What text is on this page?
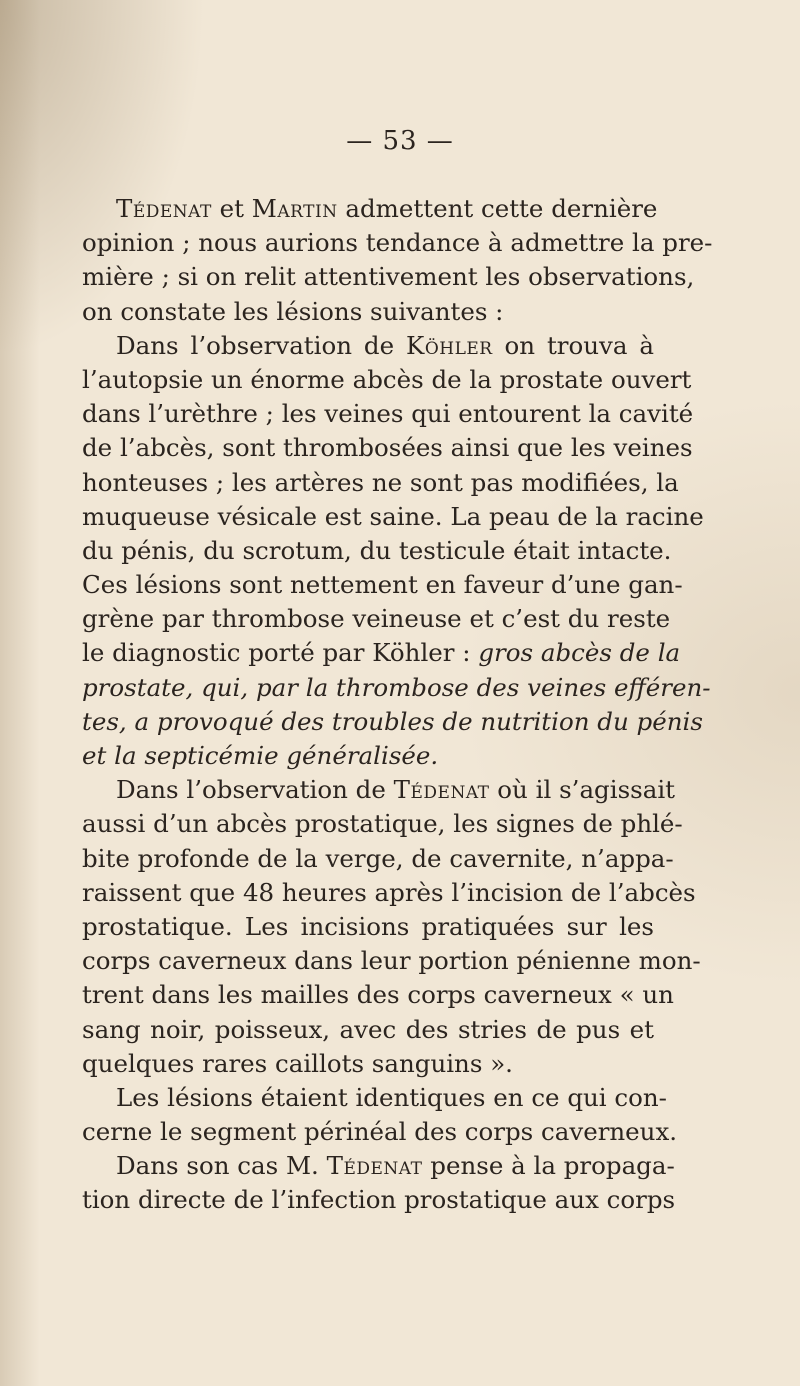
— 53 —
Tédenat et Martin admettent cette dernière
opinion ; nous aurions tendance à admettre la pre-
mière ; si on relit attentivement les observations,
on constate les lésions suivantes :
Dans l’observation de Köhler on trouva à
l’autopsie un énorme abcès de la prostate ouvert
dans l’urèthre ; les veines qui entourent la cavité
de l’abcès, sont thrombosées ainsi que les veines
honteuses ; les artères ne sont pas modifiées, la
muqueuse vésicale est saine. La peau de la racine
du pénis, du scrotum, du testicule était intacte.
Ces lésions sont nettement en faveur d’une gan-
grène par thrombose veineuse et c’est du reste
le diagnostic porté par Köhler : gros abcès de la
prostate, qui, par la thrombose des veines efféren-
tes, a provoqué des troubles de nutrition du pénis
et la septicémie généralisée.
Dans l’observation de Tédenat où il s’agissait
aussi d’un abcès prostatique, les signes de phlé-
bite profonde de la verge, de cavernite, n’appa-
raissent que 48 heures après l’incision de l’abcès
prostatique. Les incisions pratiquées sur les
corps caverneux dans leur portion pénienne mon-
trent dans les mailles des corps caverneux « un
sang noir, poisseux, avec des stries de pus et
quelques rares caillots sanguins ».
Les lésions étaient identiques en ce qui con-
cerne le segment périnéal des corps caverneux.
Dans son cas M. Tédenat pense à la propaga-
tion directe de l’infection prostatique aux corps
